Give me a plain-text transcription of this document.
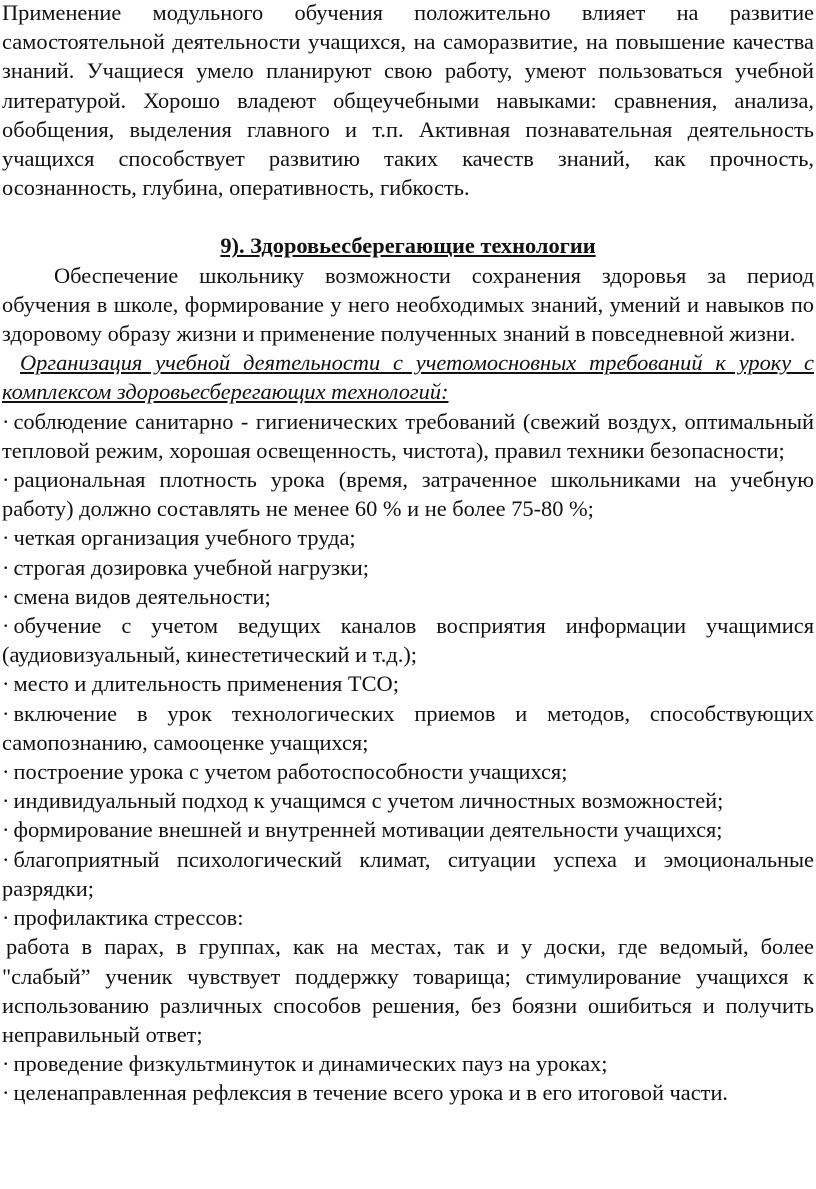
Применение модульного обучения положительно влияет на развитие самостоятельной деятельности учащихся, на саморазвитие, на повышение качества знаний. Учащиеся умело планируют свою работу, умеют пользоваться учебной литературой. Хорошо владеют общеучебными навыками: сравнения, анализа, обобщения, выделения главного и т.п. Активная познавательная деятельность учащихся способствует развитию таких качеств знаний, как прочность, осознанность, глубина, оперативность, гибкость.

9). Здоровьесберегающие технологии

Обеспечение школьнику возможности сохранения здоровья за период обучения в школе, формирование у него необходимых знаний, умений и навыков по здоровому образу жизни и применение полученных знаний в повседневной жизни.

Организация учебной деятельности с учетомосновных требований к уроку с комплексом здоровьесберегающих технологий:

· соблюдение санитарно - гигиенических требований (свежий воздух, оптимальный тепловой режим, хорошая освещенность, чистота), правил техники безопасности;

· рациональная плотность урока (время, затраченное школьниками на учебную работу) должно составлять не менее 60 % и не более 75-80 %;

· четкая организация учебного труда;

· строгая дозировка учебной нагрузки;

· смена видов деятельности;

· обучение с учетом ведущих каналов восприятия информации учащимися (аудиовизуальный, кинестетический и т.д.);

· место и длительность применения ТСО;

· включение в урок технологических приемов и методов, способствующих самопознанию, самооценке учащихся;

· построение урока с учетом работоспособности учащихся;

· индивидуальный подход к учащимся с учетом личностных возможностей;

· формирование внешней и внутренней мотивации деятельности учащихся;

· благоприятный психологический климат, ситуации успеха и эмоциональные разрядки;

· профилактика стрессов:

работа в парах, в группах, как на местах, так и у доски, где ведомый, более "слабый” ученик чувствует поддержку товарища; стимулирование учащихся к использованию различных способов решения, без боязни ошибиться и получить неправильный ответ;

· проведение физкультминуток и динамических пауз на уроках;

· целенаправленная рефлексия в течение всего урока и в его итоговой части.
